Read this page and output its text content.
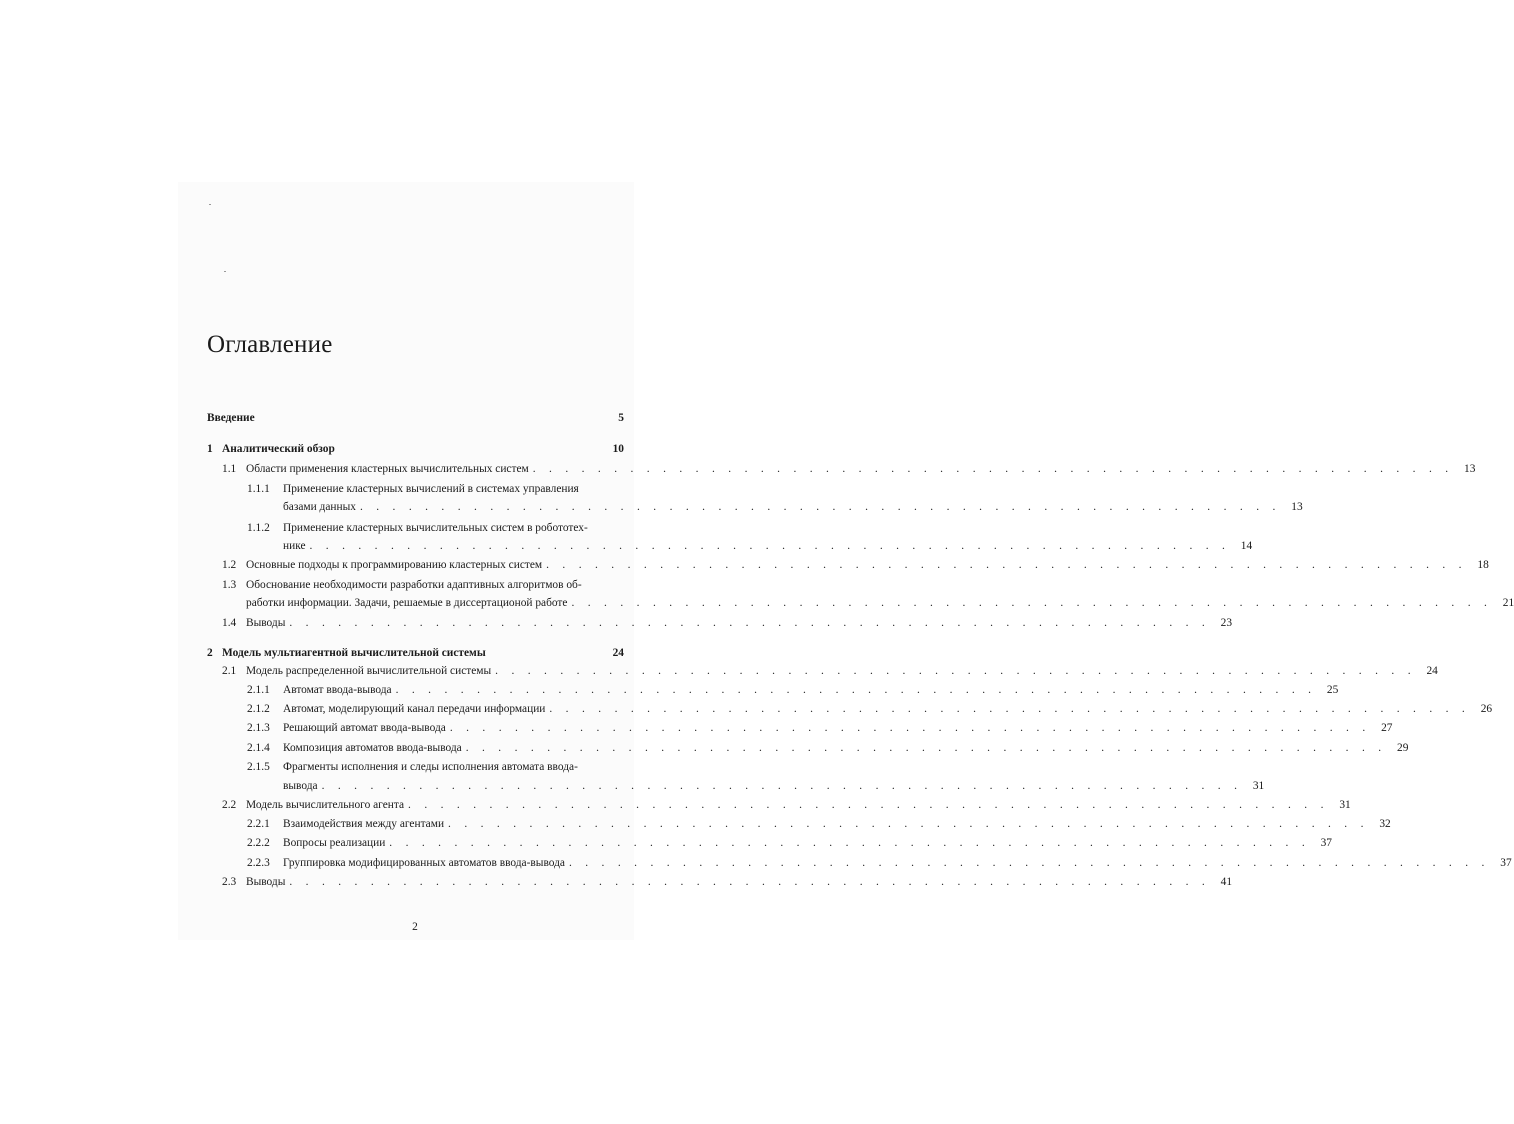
Оглавление
Введение	5
1 Аналитический обзор	10
1.1 Области применения кластерных вычислительных систем . . . . . . . . . . . . . . . . . . . . . . . . . . . . . . . . . . . . . . . . . . . . . . . . . . . . . . . . . 13
1.1.1 Применение кластерных вычислений в системах управления
базами данных . . . . . . . . . . . . . . . . . . . . . . . . . . . . . . . . . . . . . . . . . . . . . . . . . . . . . . . . . 13
1.1.2 Применение кластерных вычислительных систем в робототех-
нике . . . . . . . . . . . . . . . . . . . . . . . . . . . . . . . . . . . . . . . . . . . . . . . . . . . . . . . . . 14
1.2 Основные подходы к программированию кластерных систем . . . . . . . . . . . . . . . . . . . . . . . . . . . . . . . . . . . . . . . . . . . . . . . . . . . . . . . . . 18
1.3 Обоснование необходимости разработки адаптивных алгоритмов об-
работки информации. Задачи, решаемые в диссертационой работе . . . . . . . . . . . . . . . . . . . . . . . . . . . . . . . . . . . . . . . . . . . . . . . . . . . . . . . . . 21
1.4 Выводы . . . . . . . . . . . . . . . . . . . . . . . . . . . . . . . . . . . . . . . . . . . . . . . . . . . . . . . . . 23
2 Модель мультиагентной вычислительной системы	24
2.1 Модель распределенной вычислительной системы . . . . . . . . . . . . . . . . . . . . . . . . . . . . . . . . . . . . . . . . . . . . . . . . . . . . . . . . . 24
2.1.1 Автомат ввода-вывода . . . . . . . . . . . . . . . . . . . . . . . . . . . . . . . . . . . . . . . . . . . . . . . . . . . . . . . . . 25
2.1.2 Автомат, моделирующий канал передачи информации . . . . . . . . . . . . . . . . . . . . . . . . . . . . . . . . . . . . . . . . . . . . . . . . . . . . . . . . . 26
2.1.3 Решающий автомат ввода-вывода . . . . . . . . . . . . . . . . . . . . . . . . . . . . . . . . . . . . . . . . . . . . . . . . . . . . . . . . . 27
2.1.4 Композиция автоматов ввода-вывода . . . . . . . . . . . . . . . . . . . . . . . . . . . . . . . . . . . . . . . . . . . . . . . . . . . . . . . . . 29
2.1.5 Фрагменты исполнения и следы исполнения автомата ввода-
вывода . . . . . . . . . . . . . . . . . . . . . . . . . . . . . . . . . . . . . . . . . . . . . . . . . . . . . . . . . 31
2.2 Модель вычислительного агента . . . . . . . . . . . . . . . . . . . . . . . . . . . . . . . . . . . . . . . . . . . . . . . . . . . . . . . . . 31
2.2.1 Взаимодействия между агентами . . . . . . . . . . . . . . . . . . . . . . . . . . . . . . . . . . . . . . . . . . . . . . . . . . . . . . . . . 32
2.2.2 Вопросы реализации . . . . . . . . . . . . . . . . . . . . . . . . . . . . . . . . . . . . . . . . . . . . . . . . . . . . . . . . . 37
2.2.3 Группировка модифицированных автоматов ввода-вывода . . . . . . . . . . . . . . . . . . . . . . . . . . . . . . . . . . . . . . . . . . . . . . . . . . . . . . . . . 37
2.3 Выводы . . . . . . . . . . . . . . . . . . . . . . . . . . . . . . . . . . . . . . . . . . . . . . . . . . . . . . . . . 41
2
